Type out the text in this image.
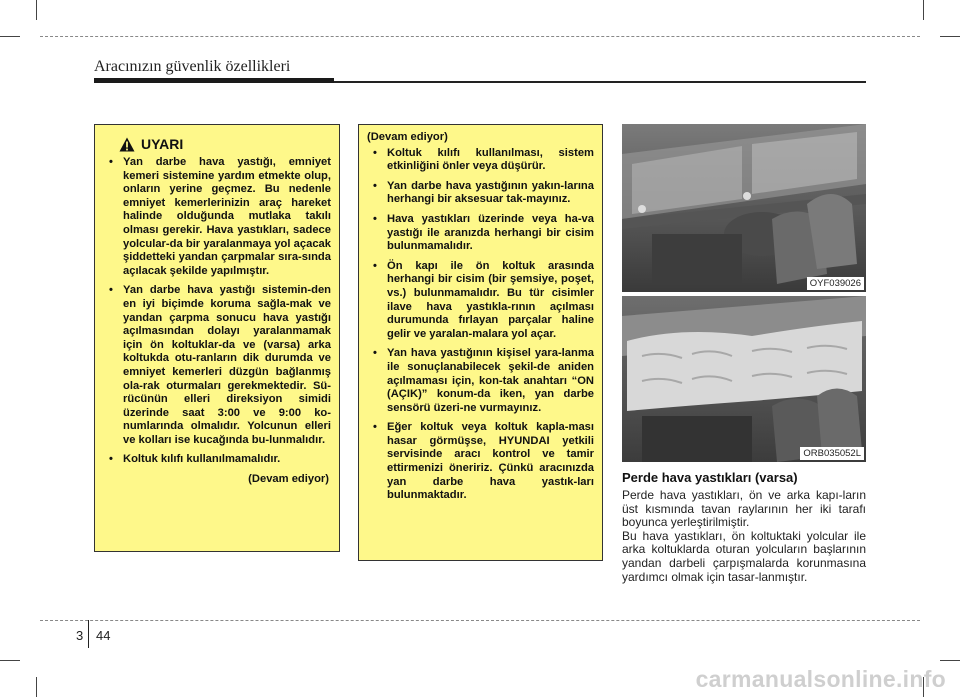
Aracınızın güvenlik özellikleri
UYARI
• Yan darbe hava yastığı, emniyet kemeri sistemine yardım etmekte olup, onların yerine geçmez. Bu nedenle emniyet kemerlerinizin araç hareket halinde olduğunda mutlaka takılı olması gerekir. Hava yastıkları, sadece yolcular-da bir yaralanmaya yol açacak şiddetteki yandan çarpmalar sıra-sında açılacak şekilde yapılmıştır.
• Yan darbe hava yastığı sistemin-den en iyi biçimde koruma sağla-mak ve yandan çarpma sonucu hava yastığı açılmasından dolayı yaralanmamak için ön koltuklar-da ve (varsa) arka koltukda otu-ranların dik durumda ve emniyet kemerleri düzgün bağlanmış ola-rak oturmaları gerekmektedir. Sü-rücünün elleri direksiyon simidi üzerinde saat 3:00 ve 9:00 ko-numlarında olmalıdır. Yolcunun elleri ve kolları ise kucağında bu-lunmalıdır.
• Koltuk kılıfı kullanılmamalıdır.
(Devam ediyor)
(Devam ediyor)
• Koltuk kılıfı kullanılması, sistem etkinliğini önler veya düşürür.
• Yan darbe hava yastığının yakın-larına herhangi bir aksesuar tak-mayınız.
• Hava yastıkları üzerinde veya ha-va yastığı ile aranızda herhangi bir cisim bulunmamalıdır.
• Ön kapı ile ön koltuk arasında herhangi bir cisim (bir şemsiye, poşet, vs.) bulunmamalıdır. Bu tür cisimler ilave hava yastıkla-rının açılması durumunda fırlayan parçalar haline gelir ve yaralan-malara yol açar.
• Yan hava yastığının kişisel yara-lanma ile sonuçlanabilecek şekil-de aniden açılmaması için, kon-tak anahtarı “ON (AÇIK)” konum-da iken, yan darbe sensörü üzeri-ne vurmayınız.
• Eğer koltuk veya koltuk kapla-ması hasar görmüşse, HYUNDAI yetkili servisinde aracı kontrol ve tamir ettirmenizi öneririz. Çünkü aracınızda yan darbe hava yastık-ları bulunmaktadır.
OYF039026
ORB035052L
Perde hava yastıkları (varsa)

Perde hava yastıkları, ön ve arka kapı-ların üst kısmında tavan raylarının her iki tarafı boyunca yerleştirilmiştir.

Bu hava yastıkları, ön koltuktaki yolcular ile arka koltuklarda oturan yolcuların başlarının yandan darbeli çarpışmalarda korunmasına yardımcı olmak için tasar-lanmıştır.

3 44
carmanualsonline.info
